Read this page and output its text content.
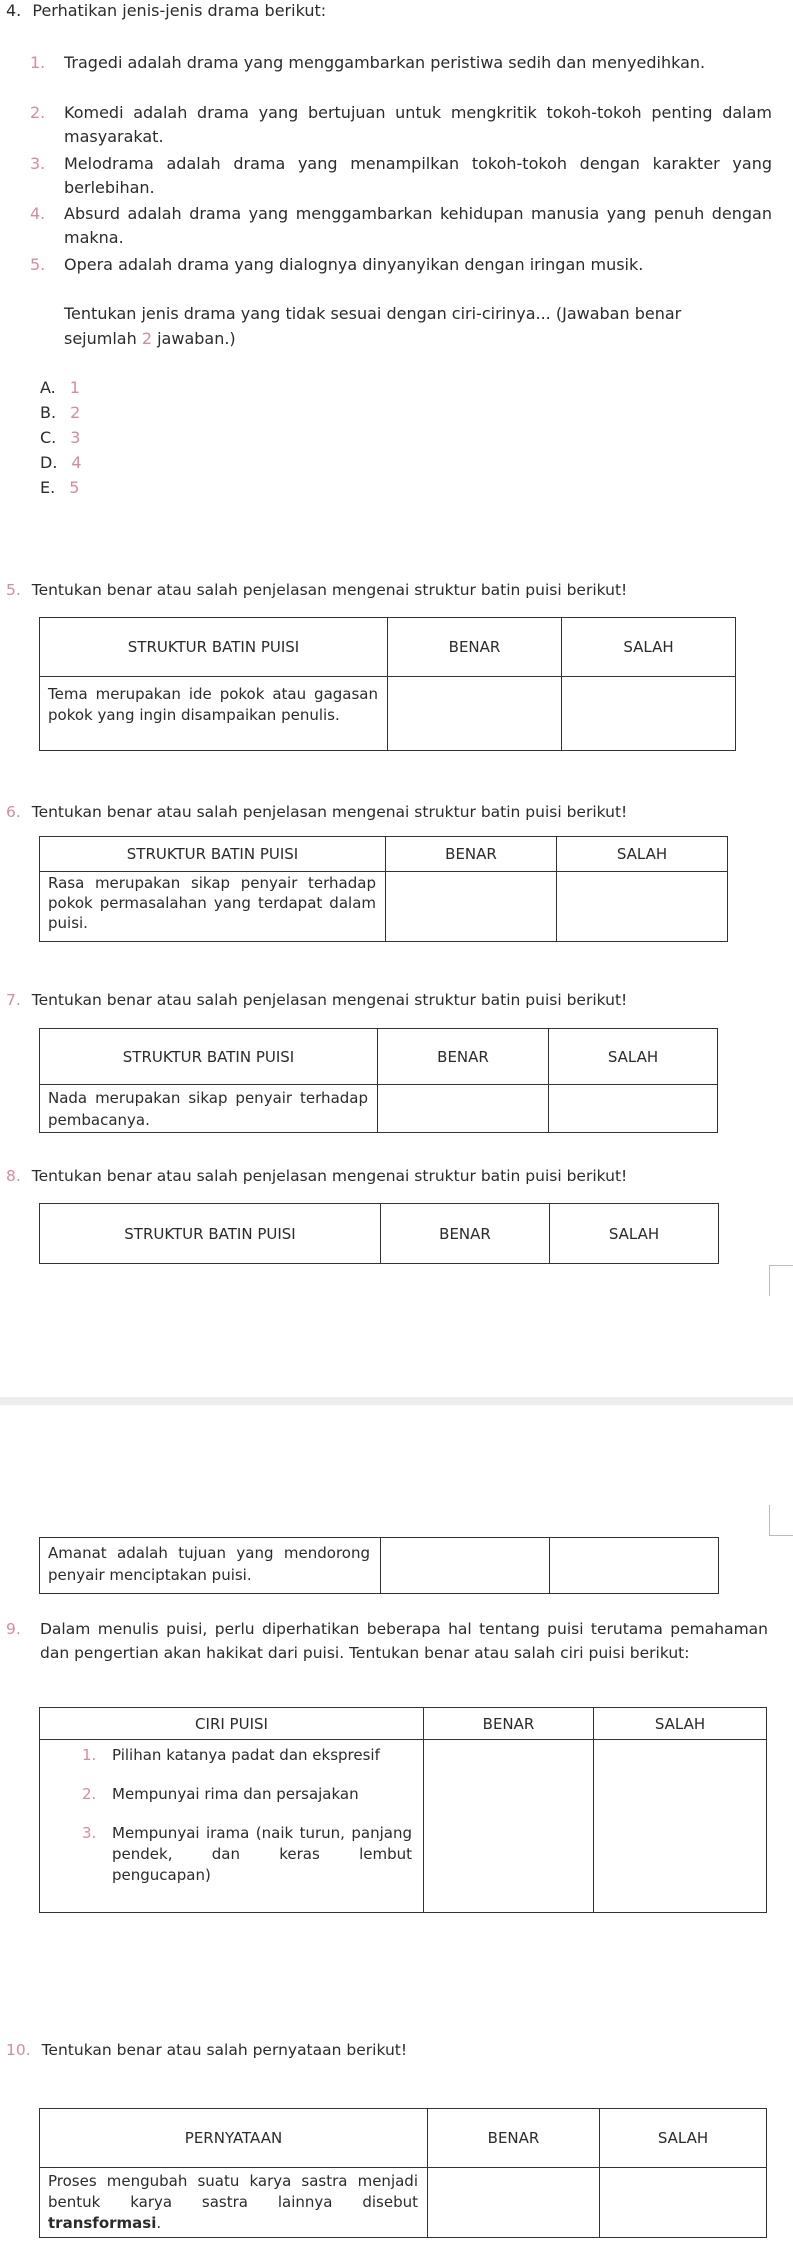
4. Perhatikan jenis-jenis drama berikut:
1. Tragedi adalah drama yang menggambarkan peristiwa sedih dan menyedihkan.
2. Komedi adalah drama yang bertujuan untuk mengkritik tokoh-tokoh penting dalam masyarakat.
3. Melodrama adalah drama yang menampilkan tokoh-tokoh dengan karakter yang berlebihan.
4. Absurd adalah drama yang menggambarkan kehidupan manusia yang penuh dengan makna.
5. Opera adalah drama yang dialognya dinyanyikan dengan iringan musik.
Tentukan jenis drama yang tidak sesuai dengan ciri-cirinya... (Jawaban benar
sejumlah 2 jawaban.)
A. 1
B. 2
C. 3
D. 4
E. 5
5. Tentukan benar atau salah penjelasan mengenai struktur batin puisi berikut!
STRUKTUR BATIN PUISI	BENAR	SALAH
Tema merupakan ide pokok atau gagasan pokok yang ingin disampaikan penulis.
6. Tentukan benar atau salah penjelasan mengenai struktur batin puisi berikut!
STRUKTUR BATIN PUISI	BENAR	SALAH
Rasa merupakan sikap penyair terhadap pokok permasalahan yang terdapat dalam puisi.
7. Tentukan benar atau salah penjelasan mengenai struktur batin puisi berikut!
STRUKTUR BATIN PUISI	BENAR	SALAH
Nada merupakan sikap penyair terhadap pembacanya.
8. Tentukan benar atau salah penjelasan mengenai struktur batin puisi berikut!
STRUKTUR BATIN PUISI	BENAR	SALAH
Amanat adalah tujuan yang mendorong penyair menciptakan puisi.
9.	Dalam menulis puisi, perlu diperhatikan beberapa hal tentang puisi terutama pemahaman dan pengertian akan hakikat dari puisi. Tentukan benar atau salah ciri puisi berikut:
CIRI PUISI	BENAR	SALAH
1. Pilihan katanya padat dan ekspresif
2. Mempunyai rima dan persajakan
3. Mempunyai irama (naik turun, panjang pendek, dan keras lembut pengucapan)
10. Tentukan benar atau salah pernyataan berikut!
PERNYATAAN	BENAR	SALAH
Proses mengubah suatu karya sastra menjadi bentuk karya sastra lainnya disebut transformasi.
